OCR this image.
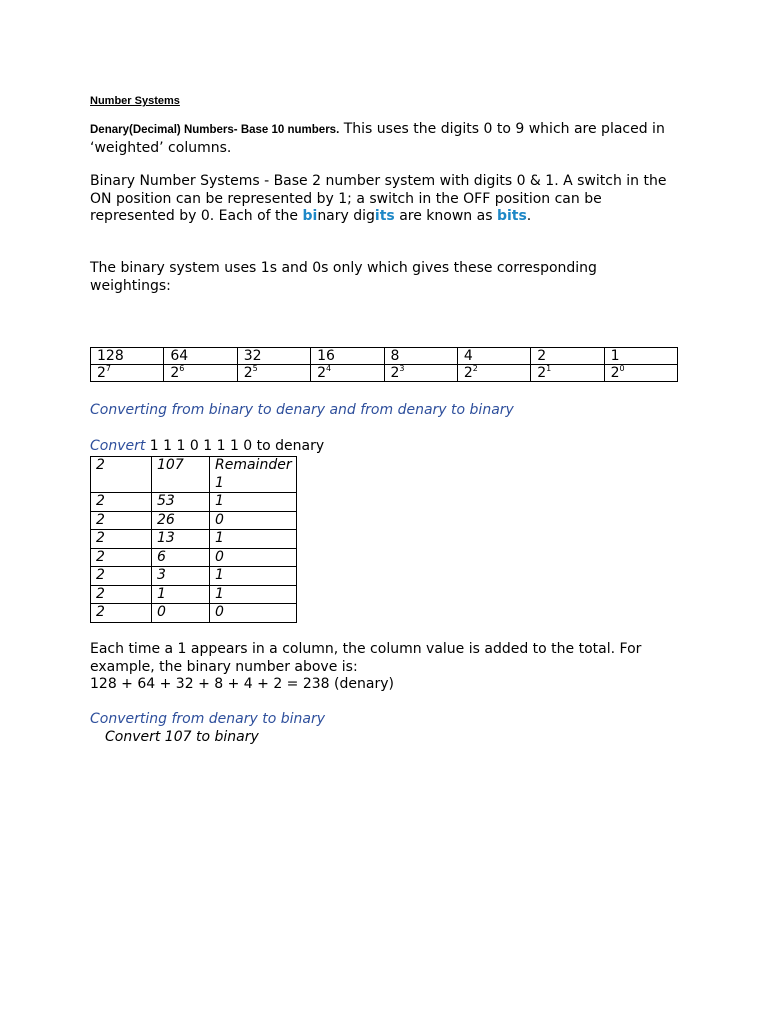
Number Systems
Denary(Decimal) Numbers- Base 10 numbers. This uses the digits 0 to 9 which are placed in ‘weighted’ columns.
Binary Number Systems - Base 2 number system with digits 0 & 1. A switch in the ON position can be represented by 1; a switch in the OFF position can be represented by 0. Each of the binary digits are known as bits.
The binary system uses 1s and 0s only which gives these corresponding weightings:
128	64	32	16	8	4	2	1
$2^7$	$2^6$	$2^5$	$2^4$	$2^3$	$2^2$	$2^1$	$2^0$
Converting from binary to denary and from denary to binary
Convert 1 1 1 0 1 1 1 0 to denary
2	107	Remainder1
2	53	1
2	26	0
2	13	1
2	6	0
2	3	1
2	1	1
2	0	0
Each time a 1 appears in a column, the column value is added to the total. For example, the binary number above is:
128 + 64 + 32 + 8 + 4 + 2 = 238 (denary)
Converting from denary to binary
Convert 107 to binary
